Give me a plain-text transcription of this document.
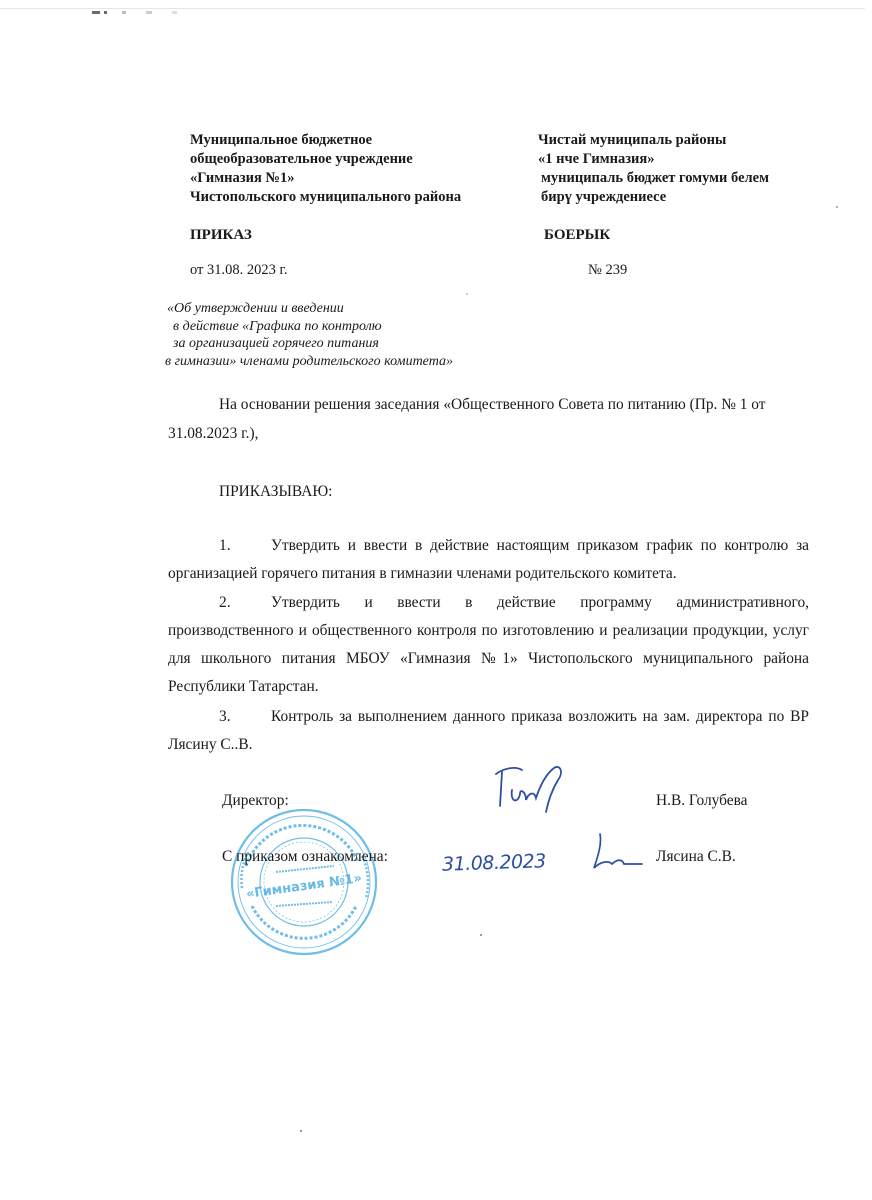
Муниципальное бюджетное
общеобразовательное учреждение
«Гимназия №1»
Чистопольского муниципального района
Чистай муниципаль районы
«1 нче Гимназия»
муниципаль бюджет гомуми белем
бирү учреждениесе
ПРИКАЗ	БОЕРЫК
от 31.08. 2023 г.	№ 239
«Об утверждении и введении
в действие «Графика по контролю
за организацией горячего питания
в гимназии» членами родительского комитета»
На основании решения заседания «Общественного Совета по питанию (Пр. № 1 от
31.08.2023 г.),
ПРИКАЗЫВАЮ:
1.	Утвердить и ввести в действие настоящим приказом график по контролю за организацией горячего питания в гимназии членами родительского комитета.
2.	Утвердить и ввести в действие программу административного, производственного и общественного контроля по изготовлению и реализации продукции, услуг для школьного питания МБОУ «Гимназия №1» Чистопольского муниципального района Республики Татарстан.
3.	Контроль за выполнением данного приказа возложить на зам. директора по ВР Лясину С..В.
«Гимназия №1»
Директор:	Н.В. Голубева
С приказом ознакомлена:	31.08.2023	Лясина С.В.
